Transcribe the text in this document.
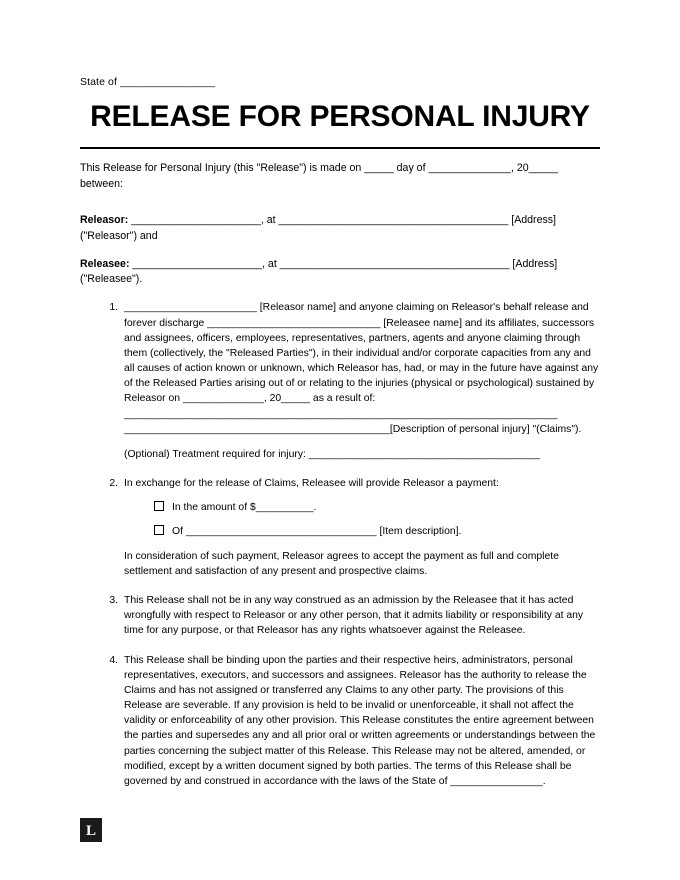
State of ________________
RELEASE FOR PERSONAL INJURY
This Release for Personal Injury (this "Release") is made on _____ day of ______________, 20_____ between:
Releasor: ______________________, at _______________________________________ [Address]
("Releasor") and
Releasee: ______________________, at _______________________________________ [Address]
("Releasee").
1. _______________________ [Releasor name] and anyone claiming on Releasor's behalf release and forever discharge ______________________________ [Releasee name] and its affiliates, successors and assignees, officers, employees, representatives, partners, agents and anyone claiming through them (collectively, the "Released Parties"), in their individual and/or corporate capacities from any and all causes of action known or unknown, which Releasor has, had, or may in the future have against any of the Released Parties arising out of or relating to the injuries (physical or psychological) sustained by Releasor on ______________, 20_____ as a result of: ___________________________________________________________________________ ______________________________________________[Description of personal injury] "(Claims").

(Optional) Treatment required for injury: ________________________________________

2. In exchange for the release of Claims, Releasee will provide Releasor a payment:

In the amount of $__________.
Of _________________________________ [Item description].

In consideration of such payment, Releasor agrees to accept the payment as full and complete settlement and satisfaction of any present and prospective claims.

3. This Release shall not be in any way construed as an admission by the Releasee that it has acted wrongfully with respect to Releasor or any other person, that it admits liability or responsibility at any time for any purpose, or that Releasor has any rights whatsoever against the Releasee.

4. This Release shall be binding upon the parties and their respective heirs, administrators, personal representatives, executors, and successors and assignees. Releasor has the authority to release the Claims and has not assigned or transferred any Claims to any other party. The provisions of this Release are severable. If any provision is held to be invalid or unenforceable, it shall not affect the validity or enforceability of any other provision. This Release constitutes the entire agreement between the parties and supersedes any and all prior oral or written agreements or understandings between the parties concerning the subject matter of this Release. This Release may not be altered, amended, or modified, except by a written document signed by both parties. The terms of this Release shall be governed by and construed in accordance with the laws of the State of ________________.

L
